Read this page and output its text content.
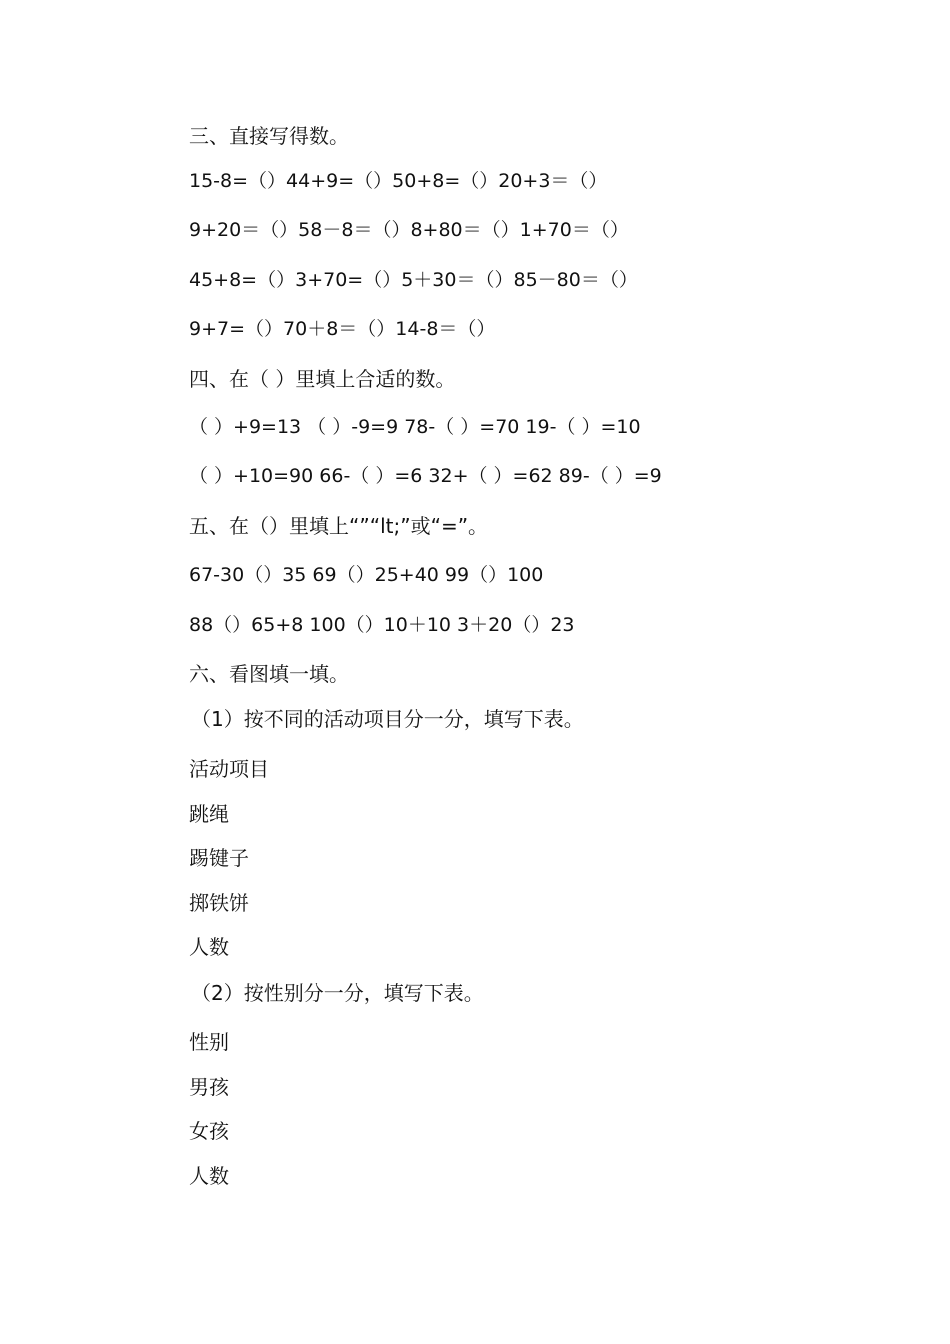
三、直接写得数。
15-8=（）44+9=（）50+8=（）20+3＝（）
9+20＝（）58－8＝（）8+80＝（）1+70＝（）
45+8=（）3+70=（）5＋30＝（）85－80＝（）
9+7=（）70＋8＝（）14-8＝（）
四、在（ ）里填上合适的数。
（ ）+9=13 （ ）-9=9 78-（ ）=70 19-（ ）=10
（ ）+10=90 66-（ ）=6 32+（ ）=62 89-（ ）=9
五、在（）里填上“”“lt;”或“=”。
67-30（）35 69（）25+40 99（）100
88（）65+8 100（）10＋10 3＋20（）23
六、看图填一填。
（1）按不同的活动项目分一分，填写下表。
活动项目
跳绳
踢键子
掷铁饼
人数
（2）按性别分一分，填写下表。
性别
男孩
女孩
人数
